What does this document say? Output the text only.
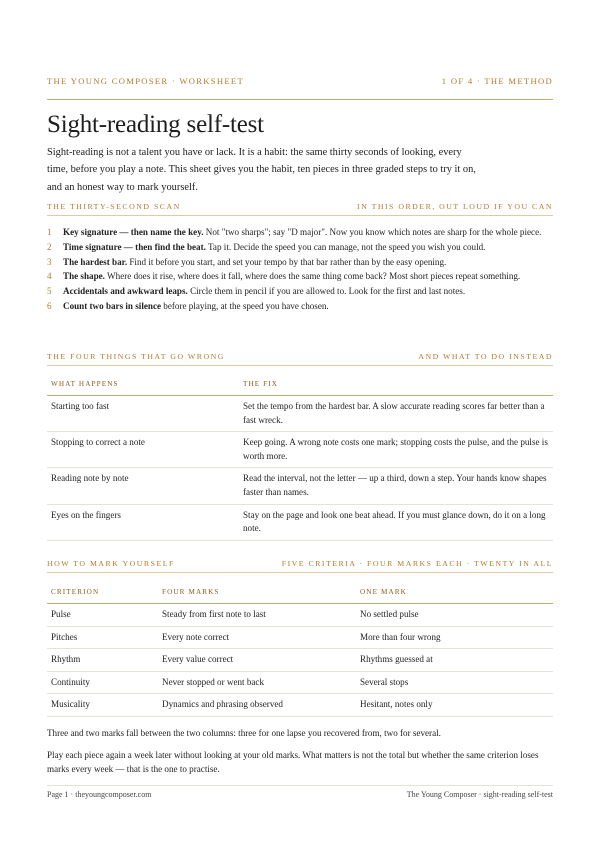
THE YOUNG COMPOSER · WORKSHEET	1 OF 4 · THE METHOD
Sight-reading self-test

Sight-reading is not a talent you have or lack. It is a habit: the same thirty seconds of looking, every time, before you play a note. This sheet gives you the habit, ten pieces in three graded steps to try it on, and an honest way to mark yourself.

THE THIRTY-SECOND SCAN	IN THIS ORDER, OUT LOUD IF YOU CAN
1 Key signature — then name the key. Not "two sharps"; say "D major". Now you know which notes are sharp for the whole piece.
2 Time signature — then find the beat. Tap it. Decide the speed you can manage, not the speed you wish you could.
3 The hardest bar. Find it before you start, and set your tempo by that bar rather than by the easy opening.
4 The shape. Where does it rise, where does it fall, where does the same thing come back? Most short pieces repeat something.
5 Accidentals and awkward leaps. Circle them in pencil if you are allowed to. Look for the first and last notes.
6 Count two bars in silence before playing, at the speed you have chosen.
THE FOUR THINGS THAT GO WRONG	AND WHAT TO DO INSTEAD
WHAT HAPPENS	THE FIX
Starting too fast	Set the tempo from the hardest bar. A slow accurate reading scores far better than a fast wreck.
Stopping to correct a note	Keep going. A wrong note costs one mark; stopping costs the pulse, and the pulse is worth more.
Reading note by note	Read the interval, not the letter — up a third, down a step. Your hands know shapes faster than names.
Eyes on the fingers	Stay on the page and look one beat ahead. If you must glance down, do it on a long note.
HOW TO MARK YOURSELF	FIVE CRITERIA · FOUR MARKS EACH · TWENTY IN ALL
CRITERION	FOUR MARKS	ONE MARK
Pulse	Steady from first note to last	No settled pulse
Pitches	Every note correct	More than four wrong
Rhythm	Every value correct	Rhythms guessed at
Continuity	Never stopped or went back	Several stops
Musicality	Dynamics and phrasing observed	Hesitant, notes only

Three and two marks fall between the two columns: three for one lapse you recovered from, two for several.

Play each piece again a week later without looking at your old marks. What matters is not the total but whether the same criterion loses marks every week — that is the one to practise.

Page 1 · theyoungcomposer.com	The Young Composer · sight-reading self-test
